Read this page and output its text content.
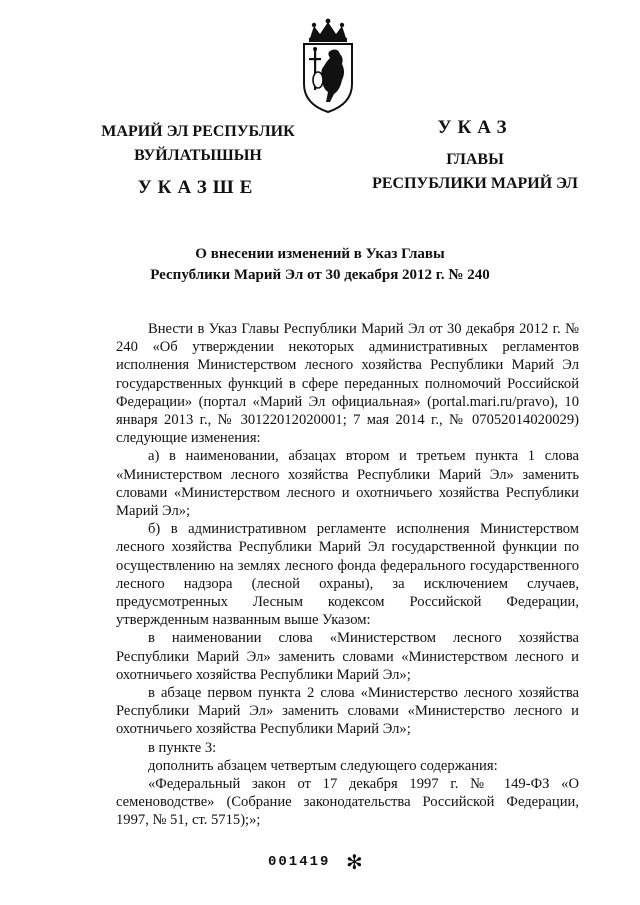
МАРИЙ ЭЛ РЕСПУБЛИК
ВУЙЛАТЫШЫН
УКАЗШЕ
УКАЗ
ГЛАВЫ
РЕСПУБЛИКИ МАРИЙ ЭЛ
О внесении изменений в Указ Главы
Республики Марий Эл от 30 декабря 2012 г. № 240

Внести в Указ Главы Республики Марий Эл от 30 декабря 2012 г. № 240 «Об утверждении некоторых административных регламентов исполнения Министерством лесного хозяйства Республики Марий Эл государственных функций в сфере переданных полномочий Российской Федерации» (портал «Марий Эл официальная» (portal.mari.ru/pravo), 10 января 2013 г., № 30122012020001; 7 мая 2014 г., № 07052014020029) следующие изменения:

а) в наименовании, абзацах втором и третьем пункта 1 слова «Министерством лесного хозяйства Республики Марий Эл» заменить словами «Министерством лесного и охотничьего хозяйства Республики Марий Эл»;

б) в административном регламенте исполнения Министерством лесного хозяйства Республики Марий Эл государственной функции по осуществлению на землях лесного фонда федерального государственного лесного надзора (лесной охраны), за исключением случаев, предусмотренных Лесным кодексом Российской Федерации, утвержденным названным выше Указом:

в наименовании слова «Министерством лесного хозяйства Республики Марий Эл» заменить словами «Министерством лесного и охотничьего хозяйства Республики Марий Эл»;

в абзаце первом пункта 2 слова «Министерство лесного хозяйства Республики Марий Эл» заменить словами «Министерство лесного и охотничьего хозяйства Республики Марий Эл»;

в пункте 3:

дополнить абзацем четвертым следующего содержания:

«Федеральный закон от 17 декабря 1997 г. № 149-ФЗ «О семеноводстве» (Собрание законодательства Российской Федерации, 1997, № 51, ст. 5715);»;

001419 ✻
